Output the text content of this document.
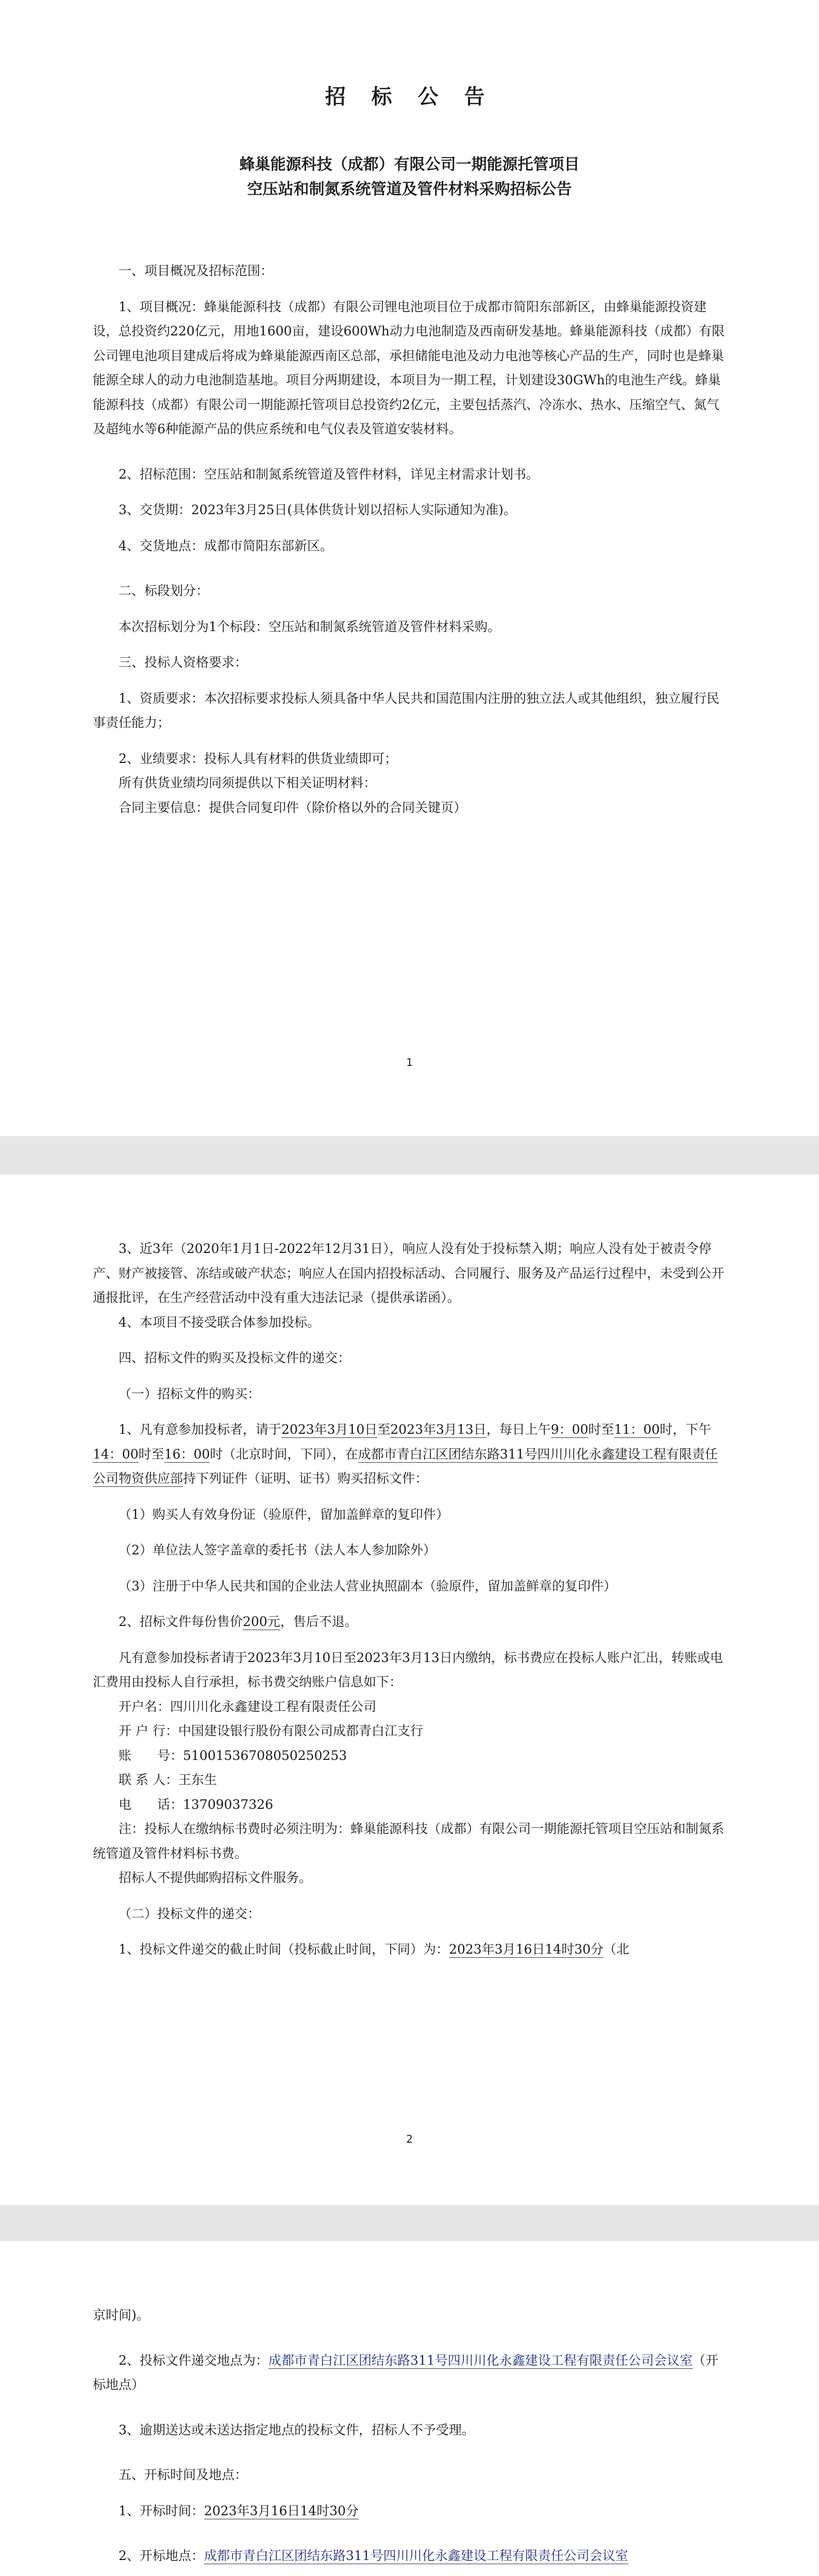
招 标 公 告

蜂巢能源科技（成都）有限公司一期能源托管项目

空压站和制氮系统管道及管件材料采购招标公告

一、项目概况及招标范围：

1、项目概况：蜂巢能源科技（成都）有限公司锂电池项目位于成都市简阳东部新区，由蜂巢能源投资建设，总投资约220亿元，用地1600亩，建设600Wh动力电池制造及西南研发基地。蜂巢能源科技（成都）有限公司锂电池项目建成后将成为蜂巢能源西南区总部，承担储能电池及动力电池等核心产品的生产，同时也是蜂巢能源全球人的动力电池制造基地。项目分两期建设，本项目为一期工程，计划建设30GWh的电池生产线。蜂巢能源科技（成都）有限公司一期能源托管项目总投资约2亿元，主要包括蒸汽、冷冻水、热水、压缩空气、氮气及超纯水等6种能源产品的供应系统和电气仪表及管道安装材料。

2、招标范围：空压站和制氮系统管道及管件材料，详见主材需求计划书。

3、交货期：2023年3月25日(具体供货计划以招标人实际通知为准)。

4、交货地点：成都市简阳东部新区。

二、标段划分：

本次招标划分为1个标段：空压站和制氮系统管道及管件材料采购。

三、投标人资格要求：

1、资质要求：本次招标要求投标人须具备中华人民共和国范围内注册的独立法人或其他组织，独立履行民事责任能力；

2、业绩要求：投标人具有材料的供货业绩即可；

所有供货业绩均同须提供以下相关证明材料：

合同主要信息：提供合同复印件（除价格以外的合同关键页）

1

3、近3年（2020年1月1日-2022年12月31日），响应人没有处于投标禁入期；响应人没有处于被责令停产、财产被接管、冻结或破产状态；响应人在国内招投标活动、合同履行、服务及产品运行过程中，未受到公开通报批评，在生产经营活动中没有重大违法记录（提供承诺函）。

4、本项目不接受联合体参加投标。

四、招标文件的购买及投标文件的递交：

（一）招标文件的购买：

1、凡有意参加投标者，请于2023年3月10日至2023年3月13日，每日上午9：00时至11：00时，下午14：00时至16：00时（北京时间，下同），在成都市青白江区团结东路311号四川川化永鑫建设工程有限责任公司物资供应部持下列证件（证明、证书）购买招标文件：

（1）购买人有效身份证（验原件，留加盖鲜章的复印件）

（2）单位法人签字盖章的委托书（法人本人参加除外）

（3）注册于中华人民共和国的企业法人营业执照副本（验原件，留加盖鲜章的复印件）

2、招标文件每份售价200元，售后不退。

凡有意参加投标者请于2023年3月10日至2023年3月13日内缴纳，标书费应在投标人账户汇出，转账或电汇费用由投标人自行承担，标书费交纳账户信息如下：

开户名：四川川化永鑫建设工程有限责任公司

开 户 行：中国建设银行股份有限公司成都青白江支行

账　　号：51001536708050250253

联 系 人：王东生

电　　话：13709037326

注：投标人在缴纳标书费时必须注明为：蜂巢能源科技（成都）有限公司一期能源托管项目空压站和制氮系统管道及管件材料标书费。

招标人不提供邮购招标文件服务。

（二）投标文件的递交：

1、投标文件递交的截止时间（投标截止时间，下同）为：2023年3月16日14时30分（北

2

京时间)。

2、投标文件递交地点为：成都市青白江区团结东路311号四川川化永鑫建设工程有限责任公司会议室（开标地点）

3、逾期送达或未送达指定地点的投标文件，招标人不予受理。

五、开标时间及地点：

1、开标时间：2023年3月16日14时30分

2、开标地点：成都市青白江区团结东路311号四川川化永鑫建设工程有限责任公司会议室
